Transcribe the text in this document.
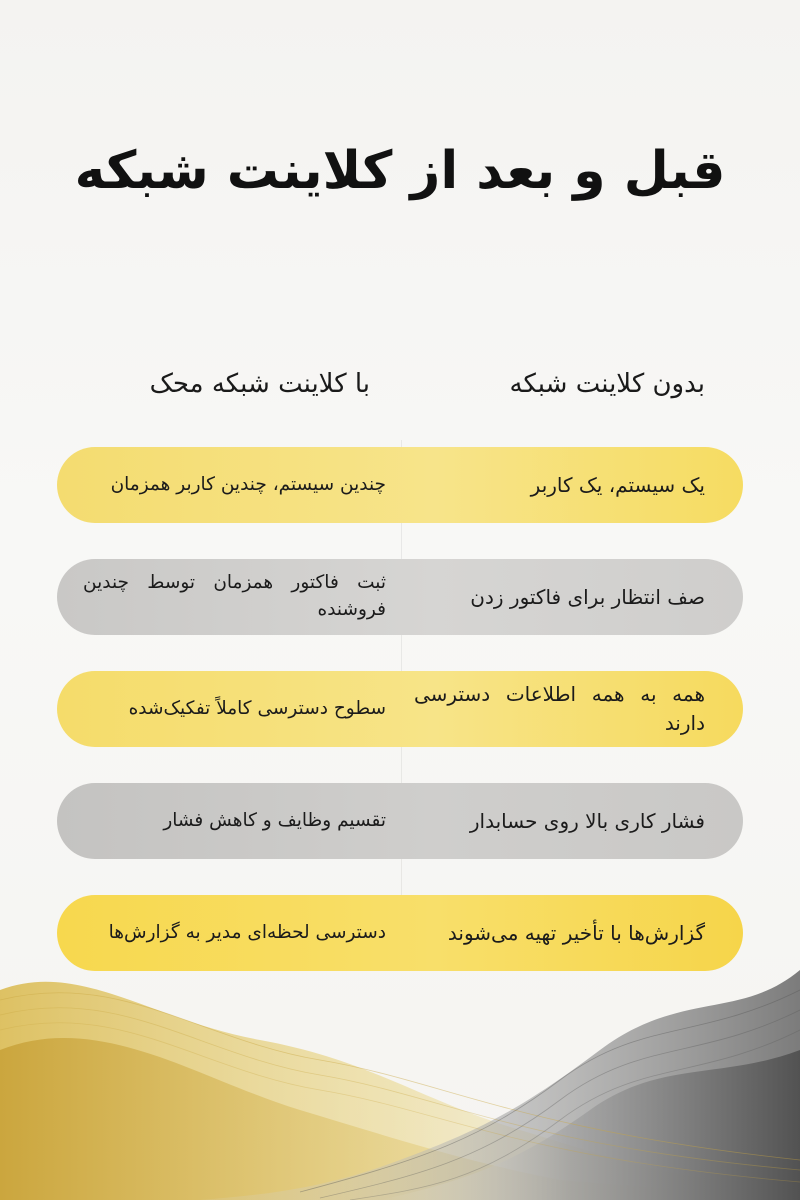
قبل و بعد از کلاینت شبکه
بدون کلاینت شبکه
با کلاینت شبکه محک
یک سیستم، یک کاربر
چندین سیستم، چندین کاربر همزمان
صف انتظار برای فاکتور زدن
ثبت فاکتور همزمان توسط چندین فروشنده
همه به همه اطلاعات دسترسی دارند
سطوح دسترسی کاملاً تفکیک‌شده
فشار کاری بالا روی حسابدار
تقسیم وظایف و کاهش فشار
گزارش‌ها با تأخیر تهیه می‌شوند
دسترسی لحظه‌ای مدیر به گزارش‌ها
